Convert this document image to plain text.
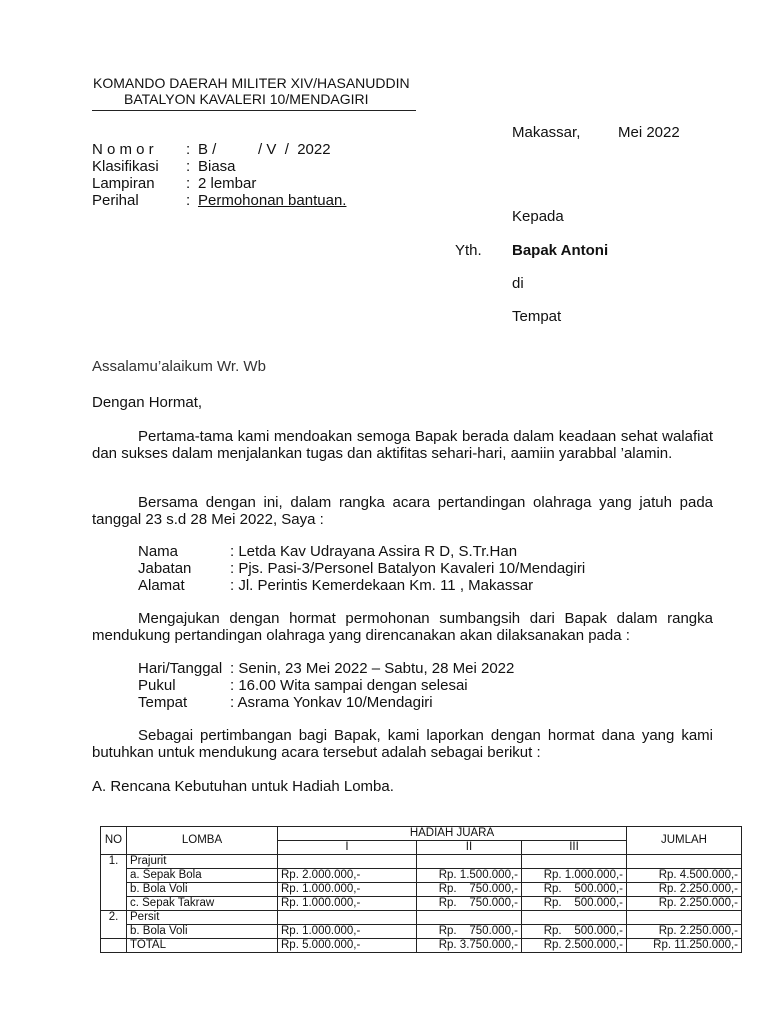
KOMANDO DAERAH MILITER XIV/HASANUDDIN
BATALYON KAVALERI 10/MENDAGIRI
Makassar,	Mei 2022
N o m o r : B /          / V  /  2022
Klasifikasi : Biasa
Lampiran : 2 lembar
Perihal	: Permohonan bantuan.
Kepada
Yth. Bapak Antoni
di
Tempat
Assalamu’alaikum Wr. Wb
Dengan Hormat,
Pertama-tama kami mendoakan semoga Bapak berada dalam keadaan sehat walafiat dan sukses dalam menjalankan tugas dan aktifitas sehari-hari, aamiin yarabbal ’alamin.
Bersama dengan ini, dalam rangka acara pertandingan olahraga yang jatuh pada tanggal 23 s.d 28 Mei 2022, Saya :
Nama	: Letda Kav Udrayana Assira R D, S.Tr.Han
Jabatan	: Pjs. Pasi-3/Personel Batalyon Kavaleri 10/Mendagiri
Alamat	: Jl. Perintis Kemerdekaan Km. 11 , Makassar
Mengajukan dengan hormat permohonan sumbangsih dari Bapak dalam rangka mendukung pertandingan olahraga yang direncanakan akan dilaksanakan pada :
Hari/Tanggal : Senin, 23 Mei 2022 – Sabtu, 28 Mei 2022
Pukul	: 16.00 Wita sampai dengan selesai
Tempat	: Asrama Yonkav 10/Mendagiri
Sebagai pertimbangan bagi Bapak, kami laporkan dengan hormat dana yang kami butuhkan untuk mendukung acara tersebut adalah sebagai berikut :
A. Rencana Kebutuhan untuk Hadiah Lomba.
NO	LOMBA	HADIAH JUARA			JUMLAH
		I	II	III	
1.	Prajurit				
	a. Sepak Bola	Rp. 2.000.000,-	Rp. 1.500.000,-	Rp. 1.000.000,-	Rp. 4.500.000,-
	b. Bola Voli	Rp. 1.000.000,-	Rp.    750.000,-	Rp.    500.000,-	Rp. 2.250.000,-
	c. Sepak Takraw	Rp. 1.000.000,-	Rp.    750.000,-	Rp.    500.000,-	Rp. 2.250.000,-
2.	Persit				
	b. Bola Voli	Rp. 1.000.000,-	Rp.    750.000,-	Rp.    500.000,-	Rp. 2.250.000,-
	TOTAL	Rp. 5.000.000,-	Rp. 3.750.000,-	Rp. 2.500.000,-	Rp. 11.250.000,-
